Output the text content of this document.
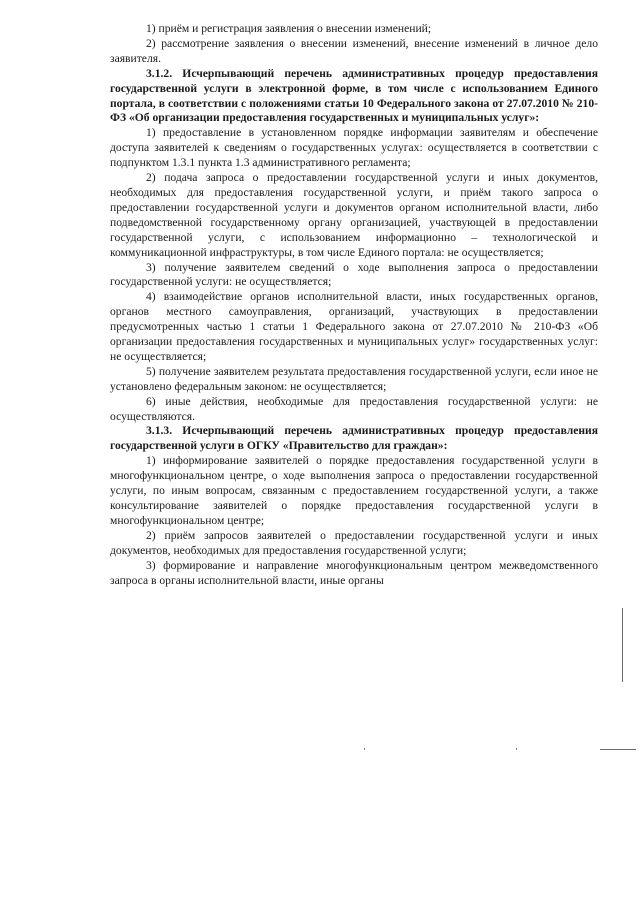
1) приём и регистрация заявления о внесении изменений;

2) рассмотрение заявления о внесении изменений, внесение изменений в личное дело заявителя.

3.1.2. Исчерпывающий перечень административных процедур предоставления государственной услуги в электронной форме, в том числе с использованием Единого портала, в соответствии с положениями статьи 10 Федерального закона от 27.07.2010 № 210-ФЗ «Об организации предоставления государственных и муниципальных услуг»:

1) предоставление в установленном порядке информации заявителям и обеспечение доступа заявителей к сведениям о государственных услугах: осуществляется в соответствии с подпунктом 1.3.1 пункта 1.3 административного регламента;

2) подача запроса о предоставлении государственной услуги и иных документов, необходимых для предоставления государственной услуги, и приём такого запроса о предоставлении государственной услуги и документов органом исполнительной власти, либо подведомственной государственному органу организацией, участвующей в предоставлении государственной услуги, с использованием информационно – технологической и коммуникационной инфраструктуры, в том числе Единого портала: не осуществляется;

3) получение заявителем сведений о ходе выполнения запроса о предоставлении государственной услуги: не осуществляется;

4) взаимодействие органов исполнительной власти, иных государственных органов, органов местного самоуправления, организаций, участвующих в предоставлении предусмотренных частью 1 статьи 1 Федерального закона от 27.07.2010 № 210-ФЗ «Об организации предоставления государственных и муниципальных услуг» государственных услуг: не осуществляется;

5) получение заявителем результата предоставления государственной услуги, если иное не установлено федеральным законом: не осуществляется;

6) иные действия, необходимые для предоставления государственной услуги: не осуществляются.

3.1.3. Исчерпывающий перечень административных процедур предоставления государственной услуги в ОГКУ «Правительство для граждан»:

1) информирование заявителей о порядке предоставления государственной услуги в многофункциональном центре, о ходе выполнения запроса о предоставлении государственной услуги, по иным вопросам, связанным с предоставлением государственной услуги, а также консультирование заявителей о порядке предоставления государственной услуги в многофункциональном центре;

2) приём запросов заявителей о предоставлении государственной услуги и иных документов, необходимых для предоставления государственной услуги;

3) формирование и направление многофункциональным центром межведомственного запроса в органы исполнительной власти, иные органы
